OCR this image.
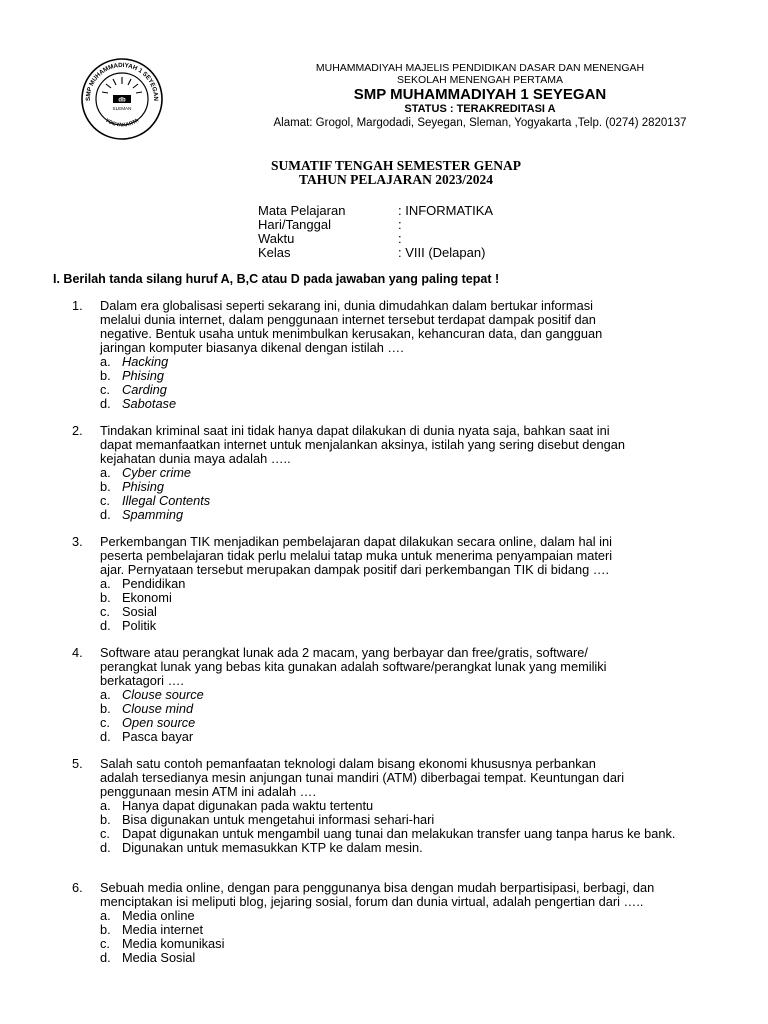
SMP MUHAMMADIYAH 1 SEYEGAN
YOGYAKARTA
db
SLEMAN
MUHAMMADIYAH MAJELIS PENDIDIKAN DASAR DAN MENENGAH
SEKOLAH MENENGAH PERTAMA
SMP MUHAMMADIYAH 1 SEYEGAN
STATUS : TERAKREDITASI A
Alamat: Grogol, Margodadi, Seyegan, Sleman, Yogyakarta ,Telp. (0274) 2820137
SUMATIF TENGAH SEMESTER GENAP
TAHUN PELAJARAN 2023/2024
Mata Pelajaran	: INFORMATIKA
Hari/Tanggal	:
Waktu	:
Kelas	: VIII (Delapan)
I. Berilah tanda silang huruf A, B,C atau D pada jawaban yang paling tepat !
1. Dalam era globalisasi seperti sekarang ini, dunia dimudahkan dalam bertukar informasi
melalui dunia internet, dalam penggunaan internet tersebut terdapat dampak positif dan
negative. Bentuk usaha untuk menimbulkan kerusakan, kehancuran data, dan gangguan
jaringan komputer biasanya dikenal dengan istilah ….
a. Hacking
b. Phising
c. Carding
d. Sabotase
2. Tindakan kriminal saat ini tidak hanya dapat dilakukan di dunia nyata saja, bahkan saat ini
dapat memanfaatkan internet untuk menjalankan aksinya, istilah yang sering disebut dengan
kejahatan dunia maya adalah …..
a. Cyber crime
b. Phising
c. Illegal Contents
d. Spamming
3. Perkembangan TIK menjadikan pembelajaran dapat dilakukan secara online, dalam hal ini
peserta pembelajaran tidak perlu melalui tatap muka untuk menerima penyampaian materi
ajar. Pernyataan tersebut merupakan dampak positif dari perkembangan TIK di bidang ….
a. Pendidikan
b. Ekonomi
c. Sosial
d. Politik
4. Software atau perangkat lunak ada 2 macam, yang berbayar dan free/gratis, software/
perangkat lunak yang bebas kita gunakan adalah software/perangkat lunak yang memiliki
berkatagori ….
a. Clouse source
b. Clouse mind
c. Open source
d. Pasca bayar
5. Salah satu contoh pemanfaatan teknologi dalam bisang ekonomi khususnya perbankan
adalah tersedianya mesin anjungan tunai mandiri (ATM) diberbagai tempat. Keuntungan dari
penggunaan mesin ATM ini adalah ….
a. Hanya dapat digunakan pada waktu tertentu
b. Bisa digunakan untuk mengetahui informasi sehari-hari
c. Dapat digunakan untuk mengambil uang tunai dan melakukan transfer uang tanpa harus ke bank.
d. Digunakan untuk memasukkan KTP ke dalam mesin.
6. Sebuah media online, dengan para penggunanya bisa dengan mudah berpartisipasi, berbagi, dan
menciptakan isi meliputi blog, jejaring sosial, forum dan dunia virtual, adalah pengertian dari …..
a. Media online
b. Media internet
c. Media komunikasi
d. Media Sosial
